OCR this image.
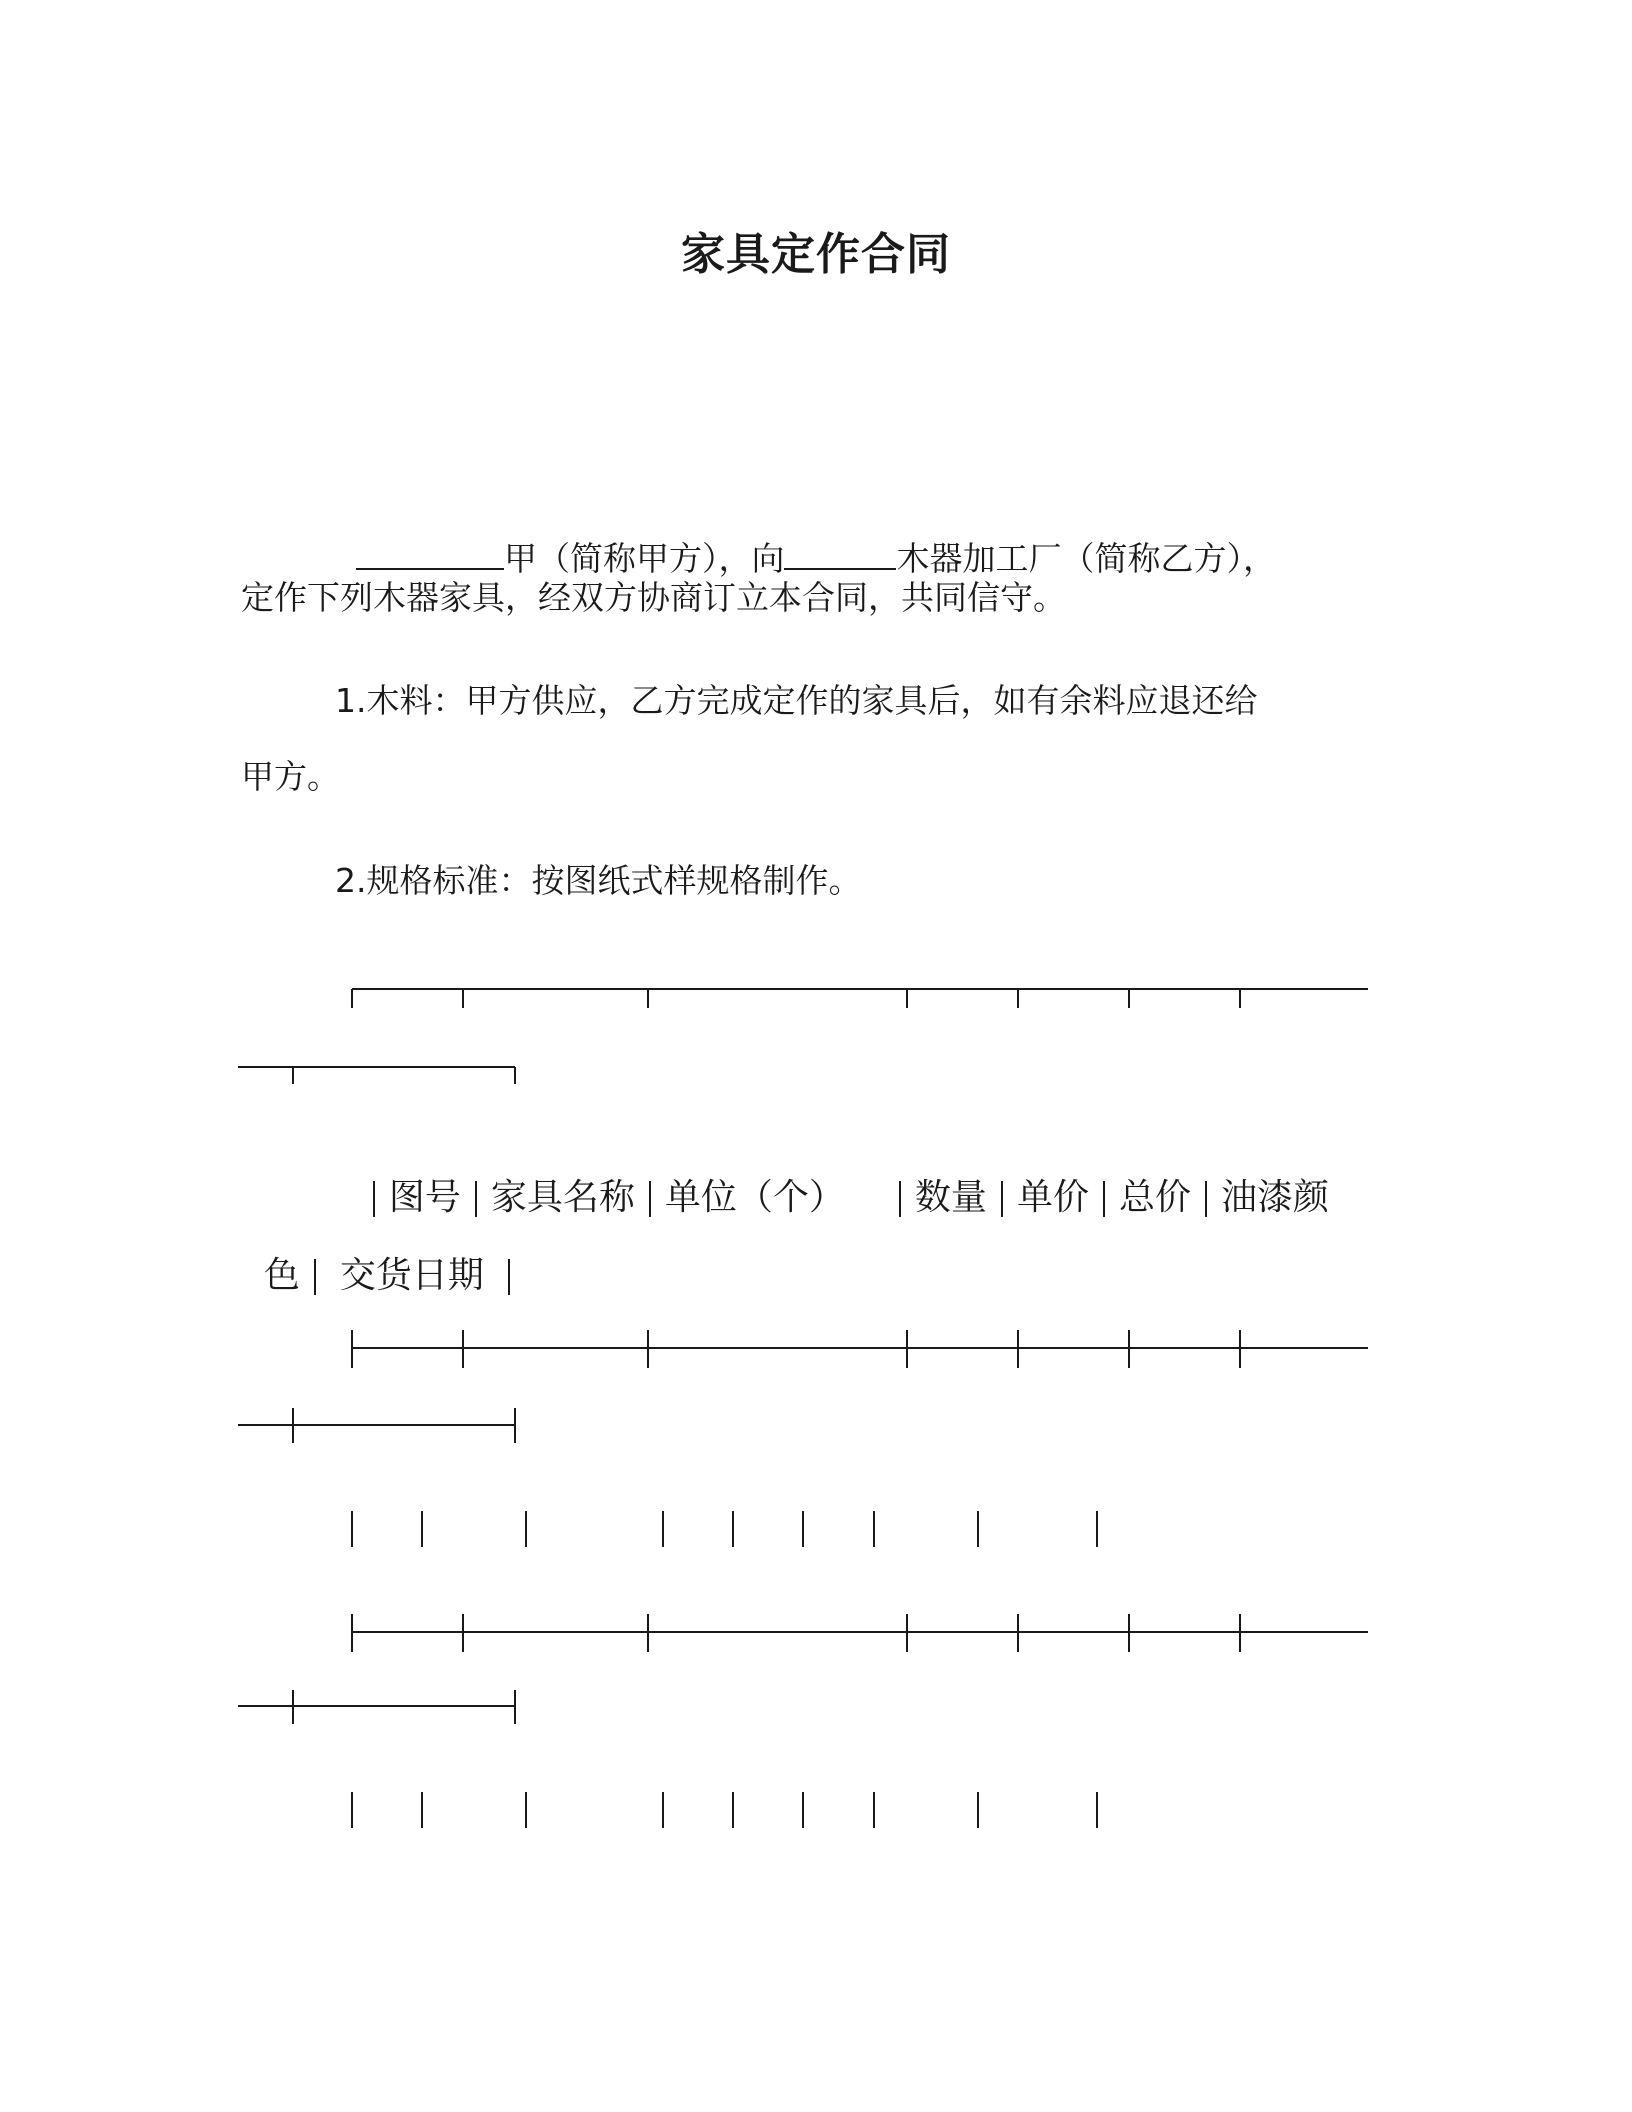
家具定作合同

甲（简称甲方），向	木器加工厂（简称乙方），

定作下列木器家具，经双方协商订立本合同，共同信守。
1.木料：甲方供应，乙方完成定作的家具后，如有余料应退还给
甲方。
2.规格标准：按图纸式样规格制作。

图号 家具名称 单位（个） 数量 单价 总价 油漆颜

色 交货日期
